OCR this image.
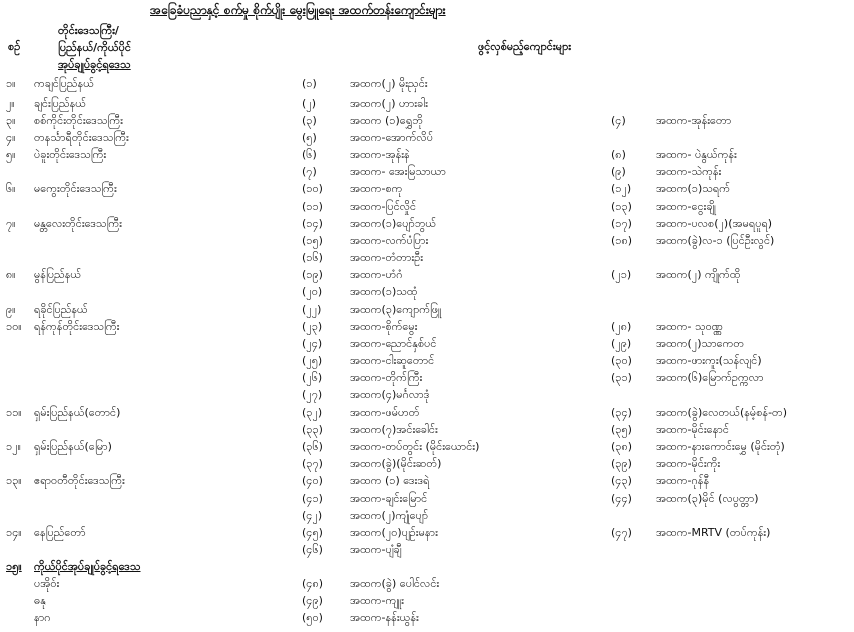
အခြေခံပညာနှင့် စက်မှု စိုက်ပျိုး မွေးမြူရေး အထက်တန်းကျောင်းများ
စဉ်
တိုင်းဒေသကြီး/
ပြည်နယ်/ကိုယ်ပိုင်
အုပ်ချုပ်ခွင့်ရဒေသ
ဖွင့်လှစ်မည့်ကျောင်းများ
၁။ ကချင်ပြည်နယ်	(၁)	အထက(၂) မိုးညှင်း
၂။ ချင်းပြည်နယ်	(၂)	အထက(၂) ဟားခါး
၃။ စစ်ကိုင်းတိုင်းဒေသကြီး	(၃)	အထက (၁)ရွှေဘို	(၄)	အထက-အုန်းတော
၄။ တနင်္သာရီတိုင်းဒေသကြီး	(၅)	အထက-အောက်လိပ်
၅။ ပဲခူးတိုင်းဒေသကြီး	(၆)	အထက-အုန်းနဲ	(၈)	အထက- ပဲနွယ်ကုန်း
(၇)	အထက- အေးမြသာယာ	(၉)	အထက-သဲကုန်း
၆။ မကွေးတိုင်းဒေသကြီး	(၁၀)	အထက-စကု	(၁၂)	အထက(၁)သရက်
(၁၁)	အထက-ပြင်လှိုင်	(၁၃)	အထက-ငွေးချို
၇။ မန္တလေးတိုင်းဒေသကြီး	(၁၄)	အထက(၁)ပျော်ဘွယ်	(၁၇)	အထက-ပလစ(၂)(အမရပူရ)
(၁၅)	အထက-လက်ပံပြား	(၁၈)	အထက(ခွဲ)လ-၁ (ပြင်ဦးလွင်)
(၁၆)	အထက-တံတားဦး
၈။ မွန်ပြည်နယ်	(၁၉)	အထက-ဟံဂံ	(၂၁)	အထက(၂) ကျိုက်ထို
(၂၀)	အထက(၁)သထုံ
၉။ ရခိုင်ပြည်နယ်	(၂၂)	အထက(၃)ကျောက်ဖြူ
၁၀။ ရန်ကုန်တိုင်းဒေသကြီး	(၂၃)	အထက-စိုက်မွေး	(၂၈)	အထက- သုဝဏ္ဏ
(၂၄)	အထက-ညောင်နှစ်ပင်	(၂၉)	အထက(၂)သာကေတ
(၂၅)	အထက-ငါးဆူတောင်	(၃၀)	အထက-ဖားကူး(သန်လျင်)
(၂၆)	အထက-တိုက်ကြီး	(၃၁)	အထက(၆)မြောက်ဥက္ကလာ
(၂၇)	အထက(၄)မင်္ဂလာဒုံ
၁၁။ ရှမ်းပြည်နယ်(တောင်)	(၃၂)	အထက-ဖမ်ဟတ်	(၃၄)	အထက(ခွဲ)လေတယ်(နမ့်စန်-တ)
(၃၃)	အထက(၇)အင်းခေါင်း	(၃၅)	အထက-မိုင်းနောင်
၁၂။ ရှမ်းပြည်နယ်(မြော)	(၃၆)	အထက-တပ်တွင်း (မိုင်းယောင်း)	(၃၈)	အထက-နားကောင်းမွှေ (မိုင်းတုံ)
(၃၇)	အထက(ခွဲ)(မိုင်းဆတ်)	(၃၉)	အထက-မိုင်းကိုး
၁၃။ ဧရာဝတီတိုင်းဒေသကြီး	(၄၀)	အထက (၁) ဒေးဒရဲ	(၄၃)	အထက-ဂုန်နီ
(၄၁)	အထက-ချင်းမြောင်	(၄၄)	အထက(၃)မိုင် (လပွတ္တာ)
(၄၂)	အထက(၂)ကျုံပျော်
၁၄။ နေပြည်တော်	(၄၅)	အထက(၂၀)ပျဉ်းမနား	(၄၇)	အထက-MRTV (တပ်ကုန်း)
(၄၆)	အထက-ပျံချီ
၁၅။ ကိုယ်ပိုင်အုပ်ချုပ်ခွင့်ရဒေသ
ပအိုဝ်း	(၄၈)	အထက(ခွဲ) ပေါင်လင်း
ဓနု	(၄၉)	အထက-ကျူး
နာဂ	(၅၀)	အထက-နန်းယွန်း
